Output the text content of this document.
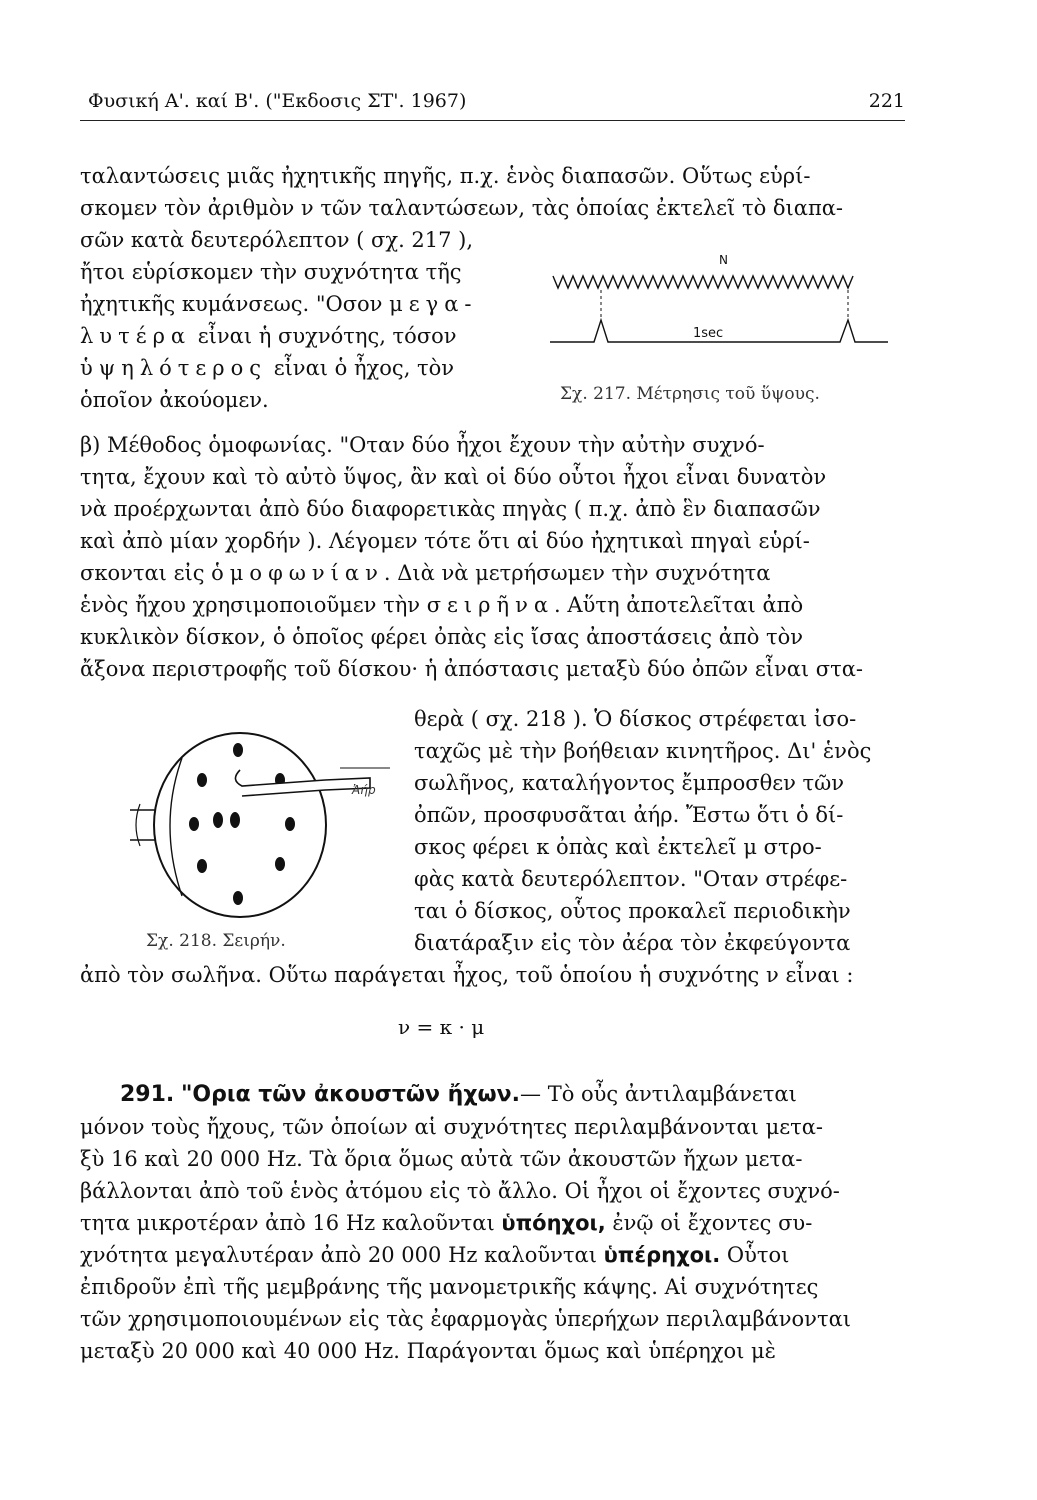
Φυσική Α'. καί Β'. ("Εκδοσις ΣΤ'. 1967)	221

ταλαντώσεις μιᾶς ἠχητικῆς πηγῆς, π.χ. ἑνὸς διαπασῶν. Οὕτως εὑρί-
σκομεν τὸν ἀριθμὸν ν τῶν ταλαντώσεων, τὰς ὁποίας ἐκτελεῖ τὸ διαπα-

σῶν κατὰ δευτερόλεπτον ( σχ. 217 ),
ἤτοι εὑρίσκομεν τὴν συχνότητα τῆς
ἠχητικῆς κυμάνσεως. "Οσον μεγα-
λυτέρα εἶναι ἡ συχνότης, τόσον
ὑψηλότερος εἶναι ὁ ἦχος, τὸν
ὁποῖον ἀκούομεν.
N
1sec
Σχ. 217. Μέτρησις τοῦ ὕψους.
β) Μέθοδος ὁμοφωνίας. "Οταν δύο ἦχοι ἔχουν τὴν αὐτὴν συχνό-
τητα, ἔχουν καὶ τὸ αὐτὸ ὕψος, ἂν καὶ οἱ δύο οὗτοι ἦχοι εἶναι δυνατὸν
νὰ προέρχωνται ἀπὸ δύο διαφορετικὰς πηγὰς ( π.χ. ἀπὸ ἓν διαπασῶν
καὶ ἀπὸ μίαν χορδήν ). Λέγομεν τότε ὅτι αἱ δύο ἠχητικαὶ πηγαὶ εὑρί-
σκονται εἰς ὁμοφωνίαν. Διὰ νὰ μετρήσωμεν τὴν συχνότητα
ἑνὸς ἤχου χρησιμοποιοῦμεν τὴν σειρῆνα. Αὕτη ἀποτελεῖται ἀπὸ
κυκλικὸν δίσκον, ὁ ὁποῖος φέρει ὀπὰς εἰς ἴσας ἀποστάσεις ἀπὸ τὸν
ἄξονα περιστροφῆς τοῦ δίσκου· ἡ ἀπόστασις μεταξὺ δύο ὀπῶν εἶναι στα-
Ἀήρ
Σχ. 218. Σειρήν.
θερὰ ( σχ. 218 ). Ὁ δίσκος στρέφεται ἰσο-
ταχῶς μὲ τὴν βοήθειαν κινητῆρος. Δι' ἑνὸς
σωλῆνος, καταλήγοντος ἔμπροσθεν τῶν
ὀπῶν, προσφυσᾶται ἀήρ. Ἔστω ὅτι ὁ δί-
σκος φέρει κ ὀπὰς καὶ ἐκτελεῖ μ στρο-
φὰς κατὰ δευτερόλεπτον. "Οταν στρέφε-
ται ὁ δίσκος, οὗτος προκαλεῖ περιοδικὴν
διατάραξιν εἰς τὸν ἀέρα τὸν ἐκφεύγοντα
ἀπὸ τὸν σωλῆνα. Οὕτω παράγεται ἦχος, τοῦ ὁποίου ἡ συχνότης ν εἶναι :
ν = κ · μ
291. "Ορια τῶν ἀκουστῶν ἤχων.— Τὸ οὖς ἀντιλαμβάνεται
μόνον τοὺς ἤχους, τῶν ὁποίων αἱ συχνότητες περιλαμβάνονται μετα-
ξὺ 16 καὶ 20 000 Hz. Τὰ ὅρια ὅμως αὐτὰ τῶν ἀκουστῶν ἤχων μετα-
βάλλονται ἀπὸ τοῦ ἑνὸς ἀτόμου εἰς τὸ ἄλλο. Οἱ ἦχοι οἱ ἔχοντες συχνό-
τητα μικροτέραν ἀπὸ 16 Hz καλοῦνται ὑπόηχοι, ἐνῷ οἱ ἔχοντες συ-
χνότητα μεγαλυτέραν ἀπὸ 20 000 Hz καλοῦνται ὑπέρηχοι. Οὗτοι
ἐπιδροῦν ἐπὶ τῆς μεμβράνης τῆς μανομετρικῆς κάψης. Αἱ συχνότητες
τῶν χρησιμοποιουμένων εἰς τὰς ἐφαρμογὰς ὑπερήχων περιλαμβάνονται
μεταξὺ 20 000 καὶ 40 000 Hz. Παράγονται ὅμως καὶ ὑπέρηχοι μὲ
